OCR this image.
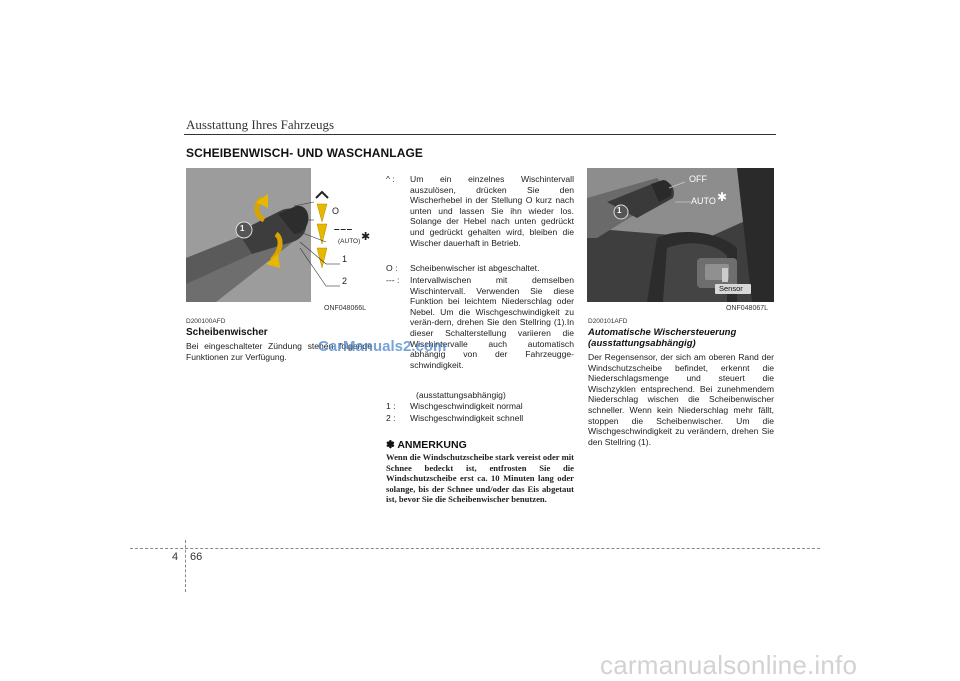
Ausstattung Ihres Fahrzeugs
SCHEIBENWISCH- UND WASCHANLAGE
O
– – –
(AUTO) ✱
1
2
1
ONF048066L
D200100AFD
Scheibenwischer
Bei eingeschalteter Zündung stehen folgende Funktionen zur Verfügung.
^ :	Um ein einzelnes Wischintervall auszulösen, drücken Sie den Wischerhebel in der Stellung O kurz nach unten und lassen Sie ihn wieder los. Solange der Hebel nach unten gedrückt und gedrückt gehalten wird, bleiben die Wischer dauerhaft in Betrieb.
O :	Scheibenwischer ist abgeschaltet.
--- :	Intervallwischen mit demselben Wischintervall. Verwenden Sie diese Funktion bei leichtem Niederschlag oder Nebel. Um die Wischgeschwindigkeit zu verän-dern, drehen Sie den Stellring (1).In dieser Schalterstellung variieren die Wischintervalle auch automatisch abhängig von der Fahrzeugge-schwindigkeit.
(ausstattungsabhängig)
1 :	Wischgeschwindigkeit normal
2 :	Wischgeschwindigkeit schnell
✽ ANMERKUNG
Wenn die Windschutzscheibe stark vereist oder mit Schnee bedeckt ist, entfrosten Sie die Windschutzscheibe erst ca. 10 Minuten lang oder solange, bis der Schnee und/oder das Eis abgetaut ist, bevor Sie die Scheibenwischer benutzen.
OFF
AUTO ✱
Sensor
1
ONF048067L
D200101AFD
Automatische Wischersteuerung (ausstattungsabhängig)
Der Regensensor, der sich am oberen Rand der Windschutzscheibe befindet, erkennt die Niederschlagsmenge und steuert die Wischzyklen entsprechend. Bei zunehmendem Niederschlag wischen die Scheibenwischer schneller. Wenn kein Niederschlag mehr fällt, stoppen die Scheibenwischer. Um die Wischgeschwindigkeit zu verändern, drehen Sie den Stellring (1).
4 66
CarManuals2.com
carmanualsonline.info
